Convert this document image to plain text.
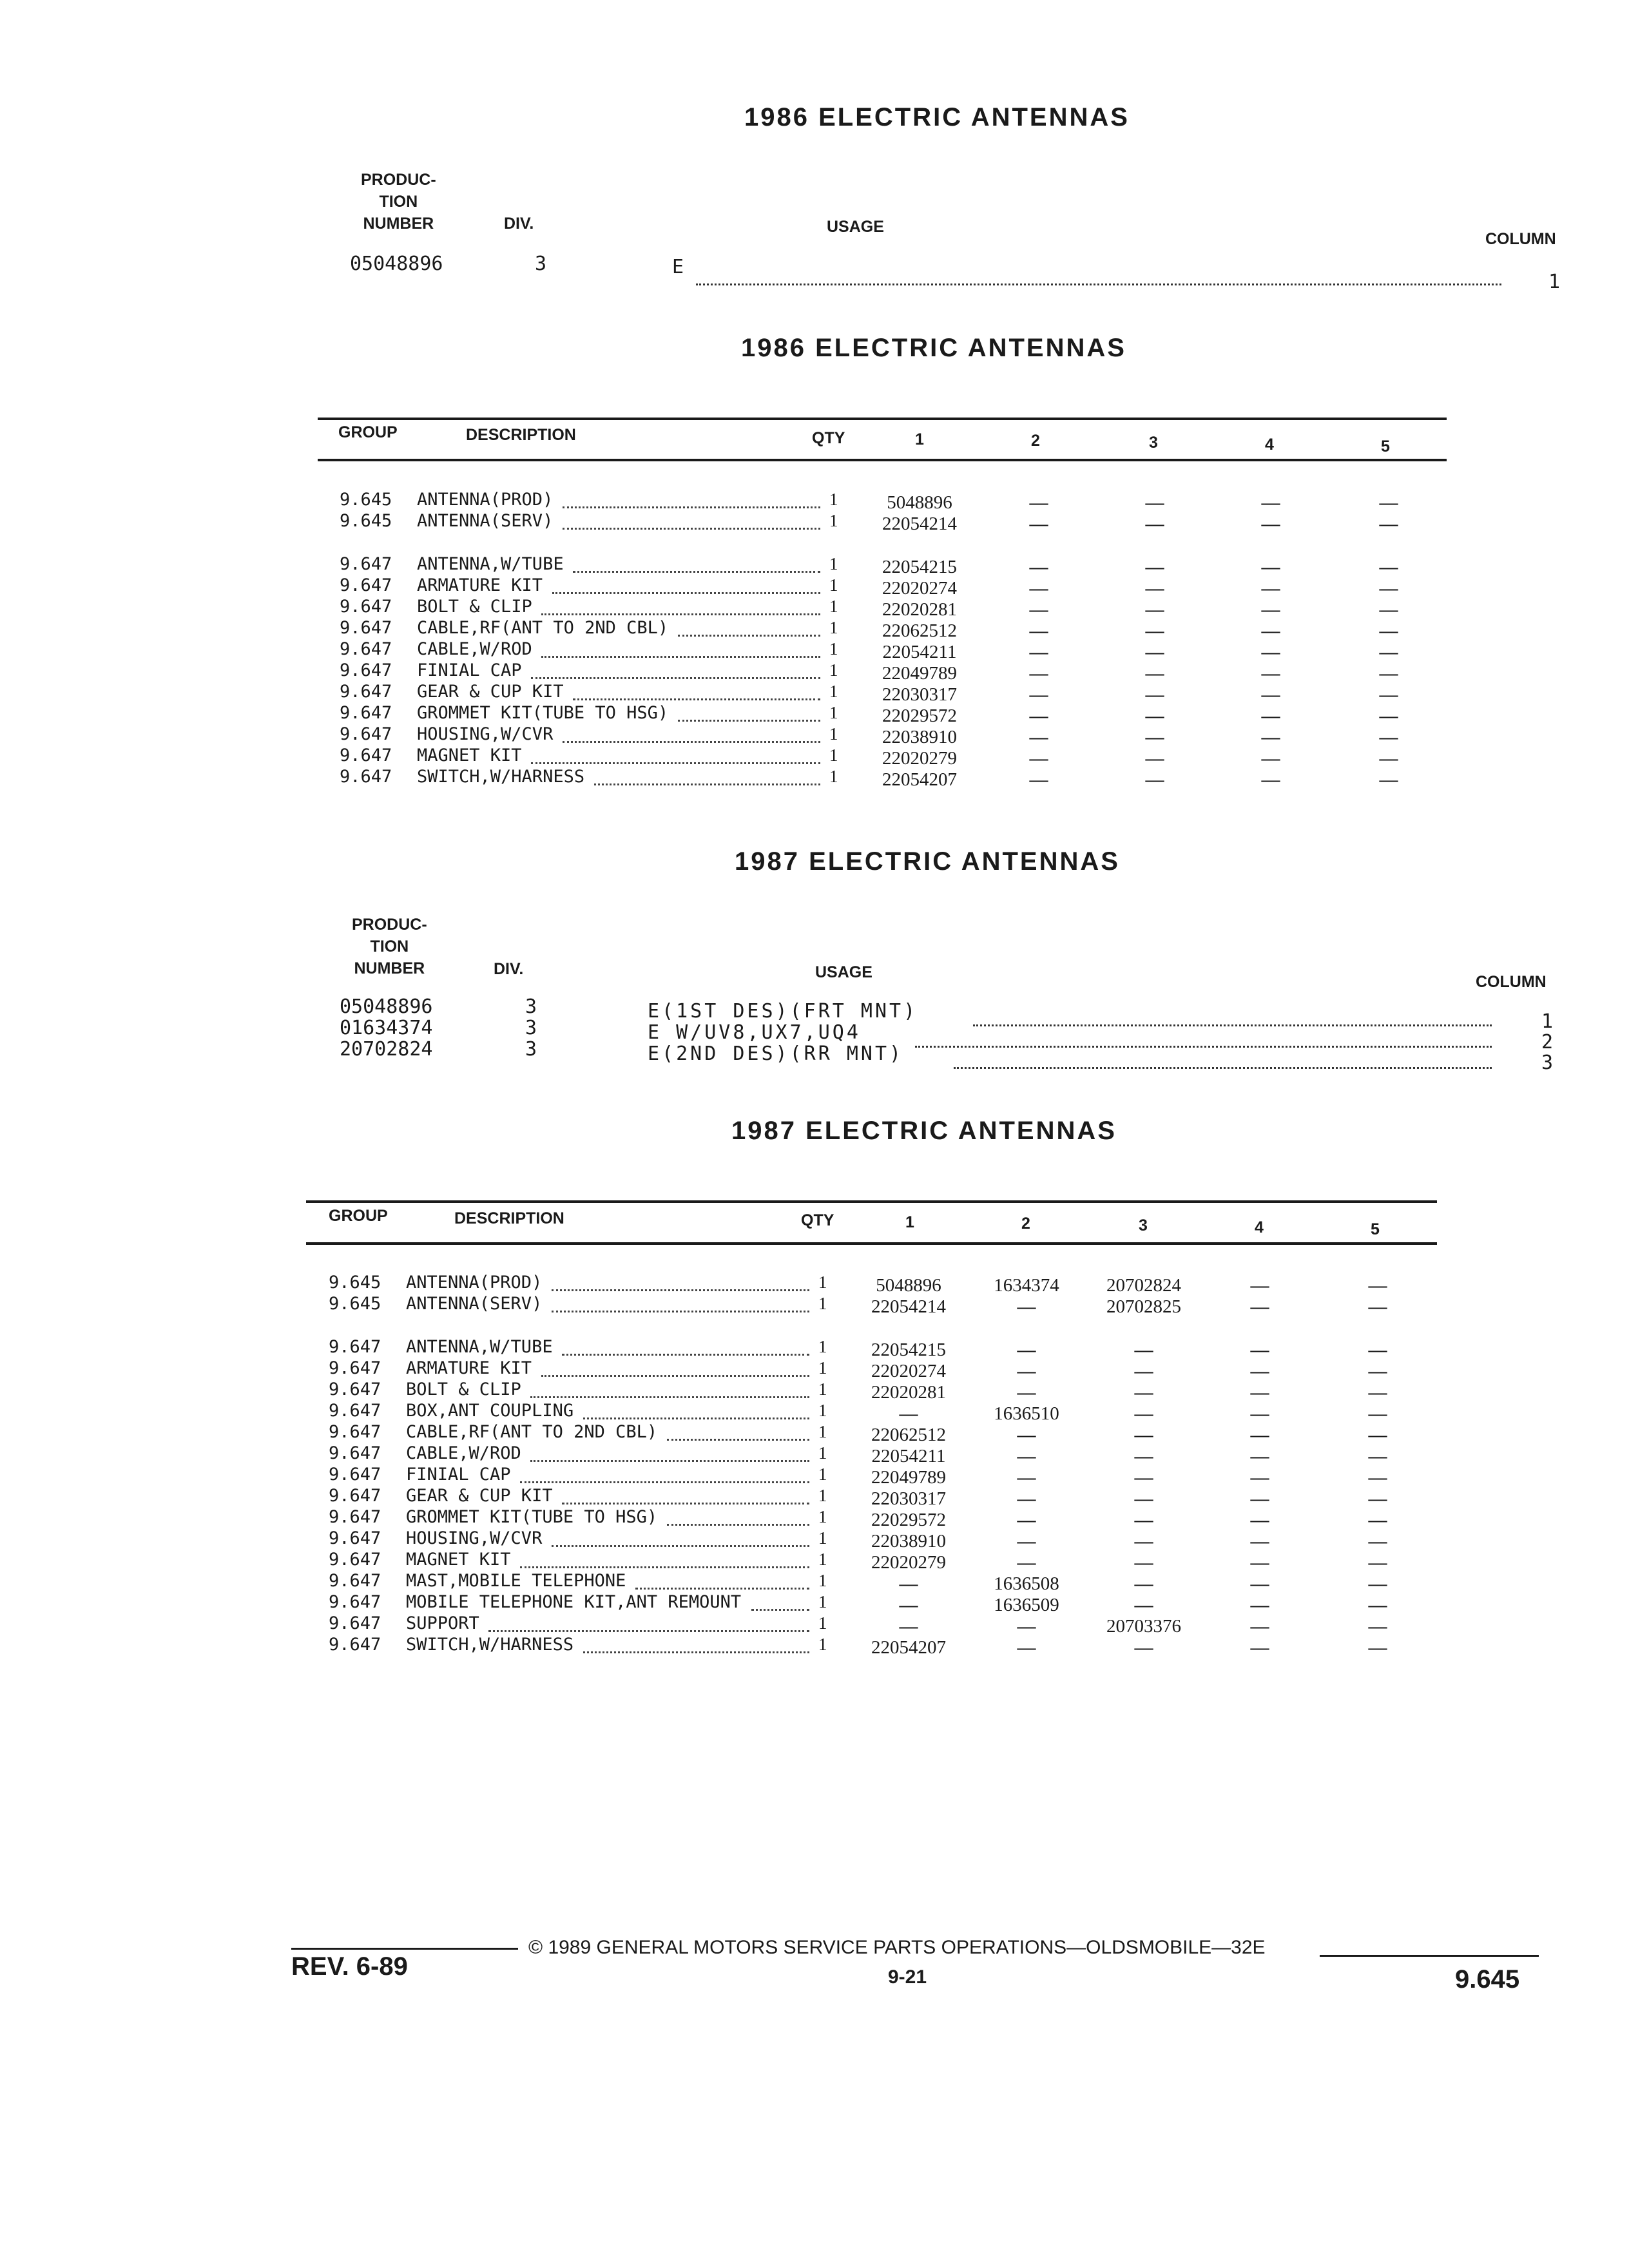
1986 ELECTRIC ANTENNAS
PRODUC-
TION
NUMBER	DIV.	USAGE
COLUMN
05048896	3	E
1
1986 ELECTRIC ANTENNAS
GROUP	DESCRIPTION	QTY	1	2	3	4	5
9.645 ANTENNA(PROD)	1	5048896	—	—	—	—
9.645 ANTENNA(SERV)	1	22054214	—	—	—	—
9.647 ANTENNA,W/TUBE	1	22054215	—	—	—	—
9.647 ARMATURE KIT	1	22020274	—	—	—	—
9.647 BOLT & CLIP	1	22020281	—	—	—	—
9.647 CABLE,RF(ANT TO 2ND CBL)	1	22062512	—	—	—	—
9.647 CABLE,W/ROD	1	22054211	—	—	—	—
9.647 FINIAL CAP	1	22049789	—	—	—	—
9.647 GEAR & CUP KIT	1	22030317	—	—	—	—
9.647 GROMMET KIT(TUBE TO HSG)	1	22029572	—	—	—	—
9.647 HOUSING,W/CVR	1	22038910	—	—	—	—
9.647 MAGNET KIT	1	22020279	—	—	—	—
9.647 SWITCH,W/HARNESS	1	22054207	—	—	—	—
1987 ELECTRIC ANTENNAS
PRODUC-
TION
NUMBER	DIV.	USAGE
COLUMN
05048896	3	E(1ST DES)(FRT MNT)	1
01634374	3	E W/UV8,UX7,UQ4	2
20702824	3	E(2ND DES)(RR MNT)	3
1987 ELECTRIC ANTENNAS
GROUP	DESCRIPTION	QTY	1	2	3	4	5
9.645 ANTENNA(PROD)	1	5048896	1634374	20702824	—	—
9.645 ANTENNA(SERV)	1	22054214	—	20702825	—	—
9.647 ANTENNA,W/TUBE	1	22054215	—	—	—	—
9.647 ARMATURE KIT	1	22020274	—	—	—	—
9.647 BOLT & CLIP	1	22020281	—	—	—	—
9.647 BOX,ANT COUPLING	1	—	1636510	—	—	—
9.647 CABLE,RF(ANT TO 2ND CBL)	1	22062512	—	—	—	—
9.647 CABLE,W/ROD	1	22054211	—	—	—	—
9.647 FINIAL CAP	1	22049789	—	—	—	—
9.647 GEAR & CUP KIT	1	22030317	—	—	—	—
9.647 GROMMET KIT(TUBE TO HSG)	1	22029572	—	—	—	—
9.647 HOUSING,W/CVR	1	22038910	—	—	—	—
9.647 MAGNET KIT	1	22020279	—	—	—	—
9.647 MAST,MOBILE TELEPHONE	1	—	1636508	—	—	—
9.647 MOBILE TELEPHONE KIT,ANT REMOUNT	1	—	1636509	—	—	—
9.647 SUPPORT	1	—	—	20703376	—	—
9.647 SWITCH,W/HARNESS	1	22054207	—	—	—	—
© 1989 GENERAL MOTORS SERVICE PARTS OPERATIONS—OLDSMOBILE—32E
REV. 6-89	9-21	9.645
